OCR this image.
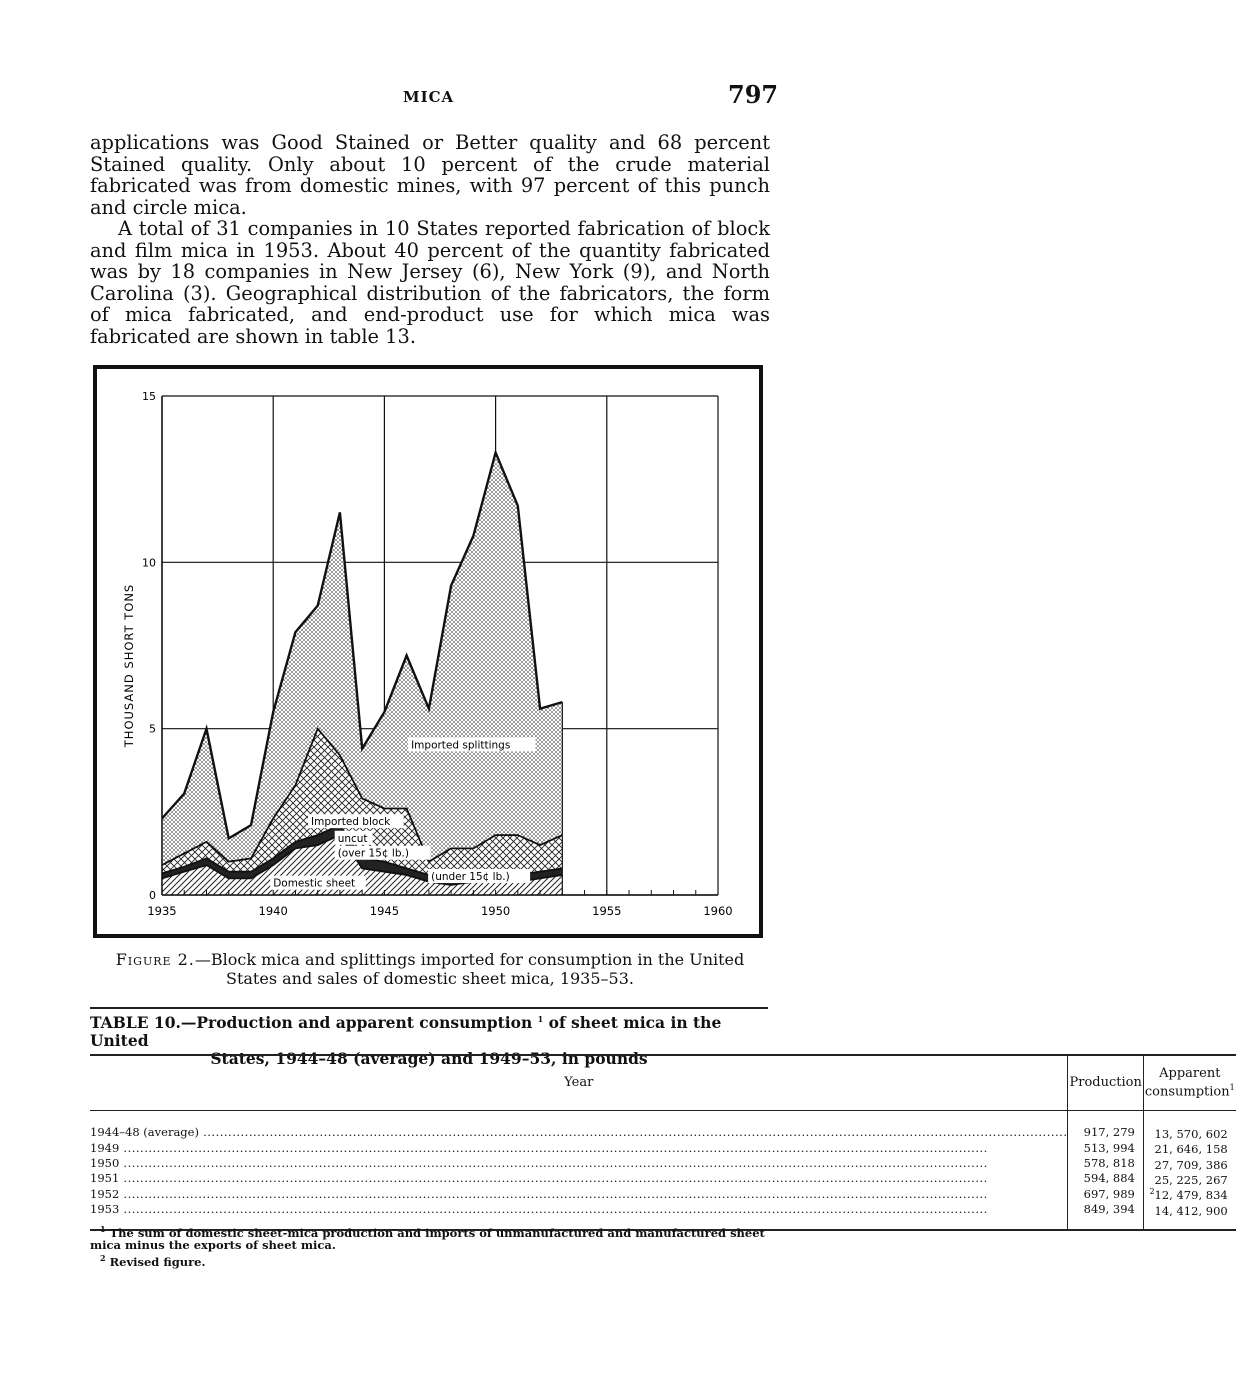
MICA	797
applications was Good Stained or Better quality and 68 percent Stained quality. Only about 10 percent of the crude material fabricated was from domestic mines, with 97 percent of this punch and circle mica.
A total of 31 companies in 10 States reported fabrication of block and film mica in 1953. About 40 percent of the quantity fabricated was by 18 companies in New Jersey (6), New York (9), and North Carolina (3). Geographical distribution of the fabricators, the form of mica fabricated, and end-product use for which mica was fabricated are shown in table 13.
0
5
10
15
1935	1940	1945	1950	1955	1960
THOUSAND SHORT TONS	Imported splittings
Imported block
uncut
(over 15¢ lb.)
(under 15¢ lb.)
Domestic sheet
Figure 2.—Block mica and splittings imported for consumption in the United States and sales of domestic sheet mica, 1935–53.
TABLE 10.—Production and apparent consumption $^1$ of sheet mica in the United
States, 1944–48 (average) and 1949–53, in pounds
Year	Production	Apparent consumption$^1$
1944–48 (average) .....	917, 279	13, 570, 602
1949 .....	513, 994	21, 646, 158
1950 .....	578, 818	27, 709, 386
1951 .....	594, 884	25, 225, 267
1952 .....	697, 989	$^2$12, 479, 834
1953 .....	849, 394	14, 412, 900

$^1$ The sum of domestic sheet-mica production and imports of unmanufactured and manufactured sheet mica minus the exports of sheet mica.

$^2$ Revised figure.
